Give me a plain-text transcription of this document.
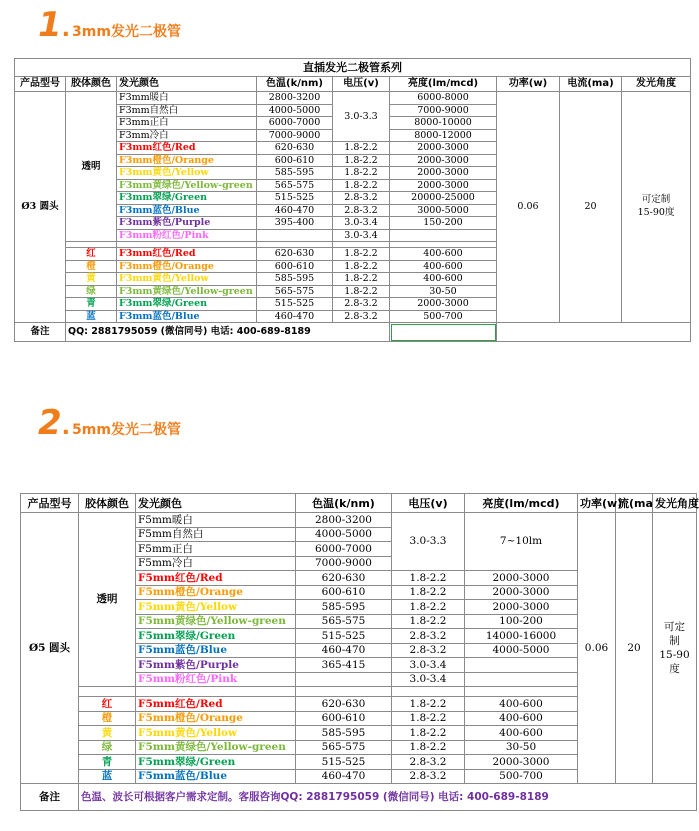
1 . 3mm发光二极管
直插发光二极管系列								
产品型号	胶体颜色	发光颜色	色温(k/nm)	电压(v)	亮度(lm/mcd)	功率(w)	电流(ma)	发光角度
Ø3 圆头	透明	F3mm暖白	2800-3200	3.0-3.3	6000-8000	0.06	20	可定制
15-90度
		F3mm自然白	4000-5000		7000-9000			
		F3mm正白	6000-7000		8000-10000			
		F3mm冷白	7000-9000		8000-12000			
		F3mm红色/Red	620-630	1.8-2.2	2000-3000			
		F3mm橙色/Orange	600-610	1.8-2.2	2000-3000			
		F3mm黄色/Yellow	585-595	1.8-2.2	2000-3000			
		F3mm黄绿色/Yellow-green	565-575	1.8-2.2	2000-3000			
		F3mm翠绿/Green	515-525	2.8-3.2	20000-25000			
		F3mm蓝色/Blue	460-470	2.8-3.2	3000-5000			
		F3mm紫色/Purple	395-400	3.0-3.4	150-200			
		F3mm粉红色/Pink		3.0-3.4				

	红	F3mm红色/Red	620-630	1.8-2.2	400-600			
	橙	F3mm橙色/Orange	600-610	1.8-2.2	400-600			
	黄	F3mm黄色/Yellow	585-595	1.8-2.2	400-600			
	绿	F3mm黄绿色/Yellow-green	565-575	1.8-2.2	30-50			
	青	F3mm翠绿/Green	515-525	2.8-3.2	2000-3000			
	蓝	F3mm蓝色/Blue	460-470	2.8-3.2	500-700			
备注	QQ: 2881795059 (微信同号) 电话: 400-689-8189							
2 . 5mm发光二极管
产品型号	胶体颜色	发光颜色	色温(k/nm)	电压(v)	亮度(lm/mcd)	功率(w)	流(ma	发光角度
Ø5 圆头	透明	F5mm暖白	2800-3200	3.0-3.3	7~10lm	0.06	20	可定
制
15-90
度
		F5mm自然白	4000-5000					
		F5mm正白	6000-7000					
		F5mm冷白	7000-9000					
		F5mm红色/Red	620-630	1.8-2.2	2000-3000			
		F5mm橙色/Orange	600-610	1.8-2.2	2000-3000			
		F5mm黄色/Yellow	585-595	1.8-2.2	2000-3000			
		F5mm黄绿色/Yellow-green	565-575	1.8-2.2	100-200			
		F5mm翠绿/Green	515-525	2.8-3.2	14000-16000			
		F5mm蓝色/Blue	460-470	2.8-3.2	4000-5000			
		F5mm紫色/Purple	365-415	3.0-3.4				
		F5mm粉红色/Pink		3.0-3.4				

	红	F5mm红色/Red	620-630	1.8-2.2	400-600			
	橙	F5mm橙色/Orange	600-610	1.8-2.2	400-600			
	黄	F5mm黄色/Yellow	585-595	1.8-2.2	400-600			
	绿	F5mm黄绿色/Yellow-green	565-575	1.8-2.2	30-50			
	青	F5mm翠绿/Green	515-525	2.8-3.2	2000-3000			
	蓝	F5mm蓝色/Blue	460-470	2.8-3.2	500-700			
备注	色温、波长可根据客户需求定制。客服咨询QQ: 2881795059 (微信同号) 电话: 400-689-8189							
